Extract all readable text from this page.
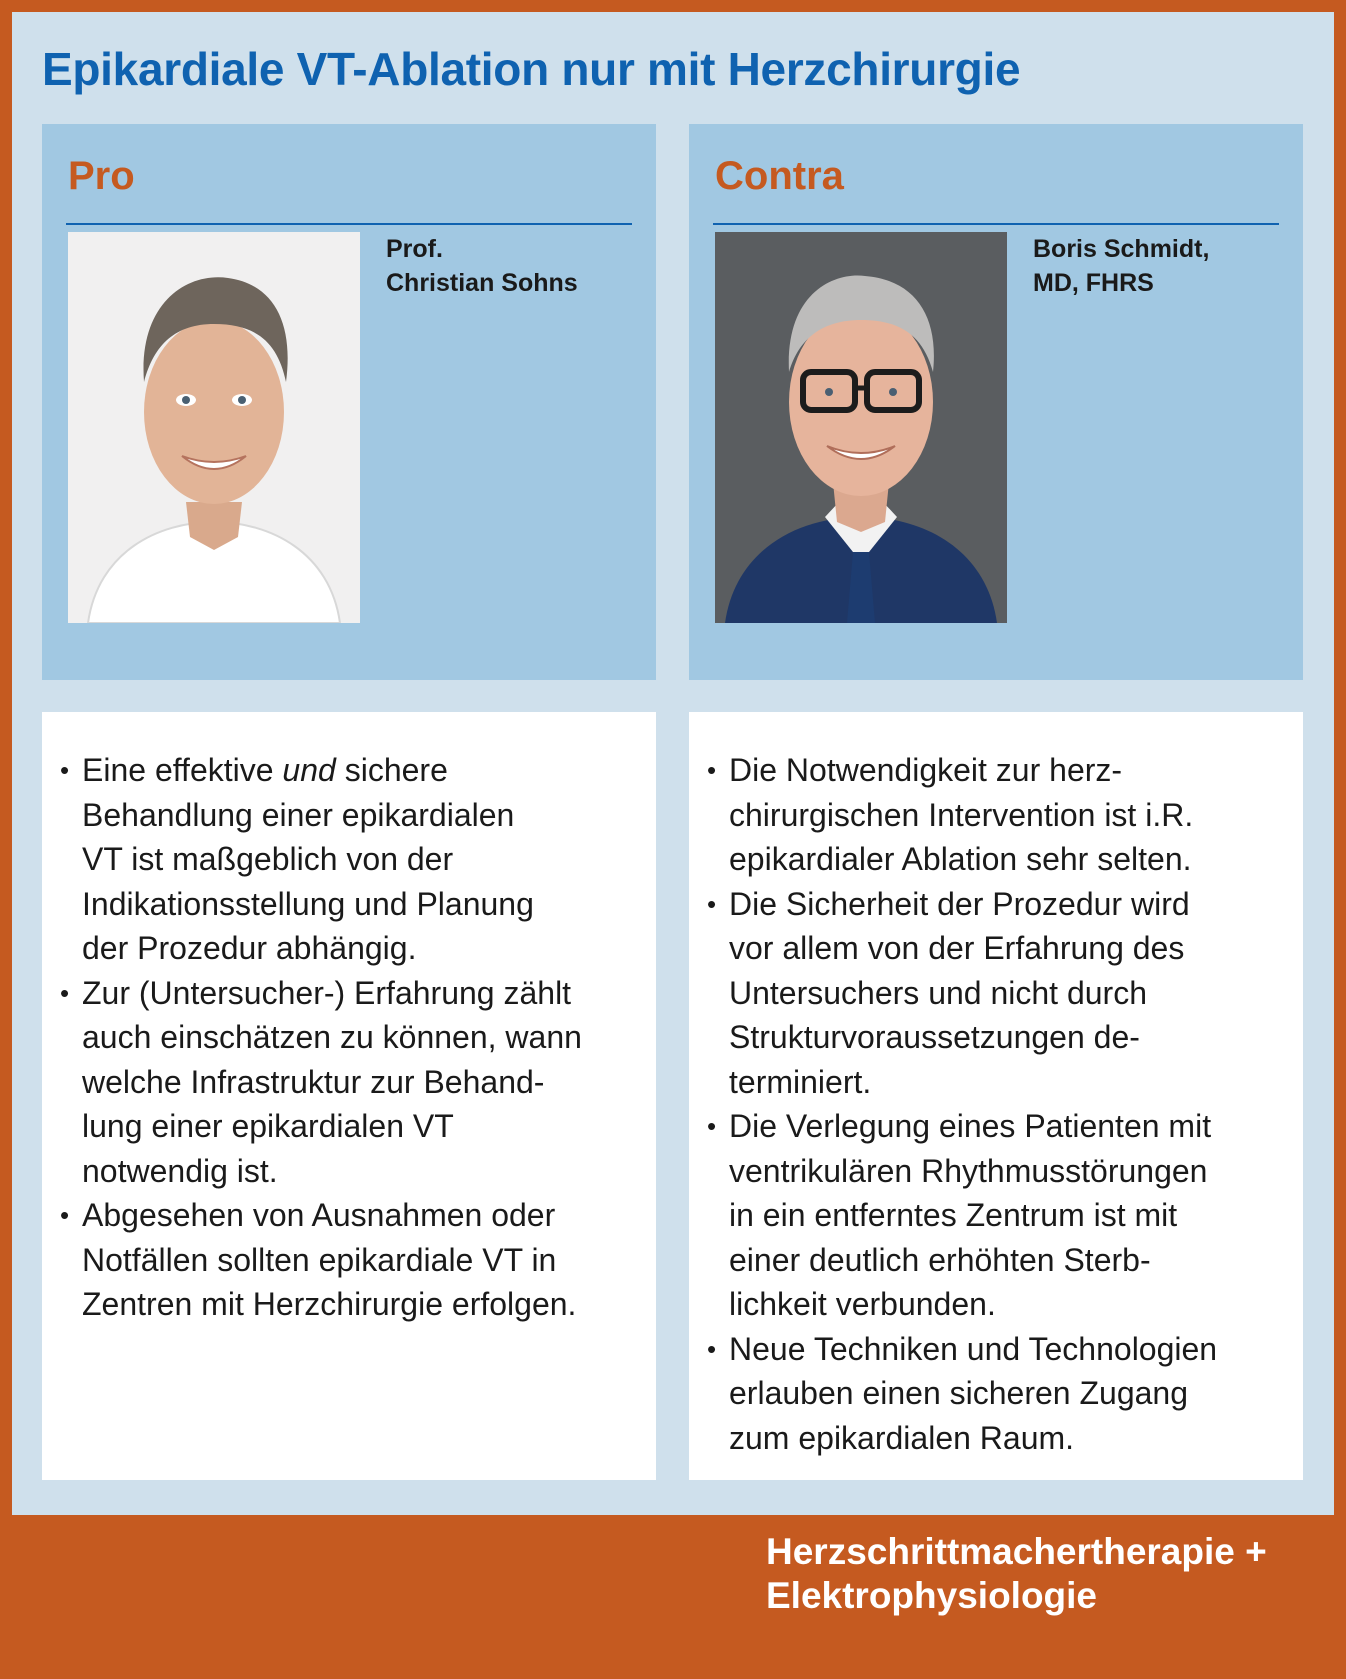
Epikardiale VT-Ablation nur mit Herzchirurgie
Pro
Prof.
Christian Sohns
• Eine effektive und sichere
Behandlung einer epikardialen
VT ist maßgeblich von der
Indikationsstellung und Planung
der Prozedur abhängig.
• Zur (Untersucher-) Erfahrung zählt
auch einschätzen zu können, wann
welche Infrastruktur zur Behand-
lung einer epikardialen VT
notwendig ist.
• Abgesehen von Ausnahmen oder
Notfällen sollten epikardiale VT in
Zentren mit Herzchirurgie erfolgen.
Contra
Boris Schmidt,
MD, FHRS
• Die Notwendigkeit zur herz-
chirurgischen Intervention ist i.R.
epikardialer Ablation sehr selten.
• Die Sicherheit der Prozedur wird
vor allem von der Erfahrung des
Untersuchers und nicht durch
Strukturvoraussetzungen de-
terminiert.
• Die Verlegung eines Patienten mit
ventrikulären Rhythmusstörungen
in ein entferntes Zentrum ist mit
einer deutlich erhöhten Sterb-
lichkeit verbunden.
• Neue Techniken und Technologien
erlauben einen sicheren Zugang
zum epikardialen Raum.
Herzschrittmachertherapie +
Elektrophysiologie
